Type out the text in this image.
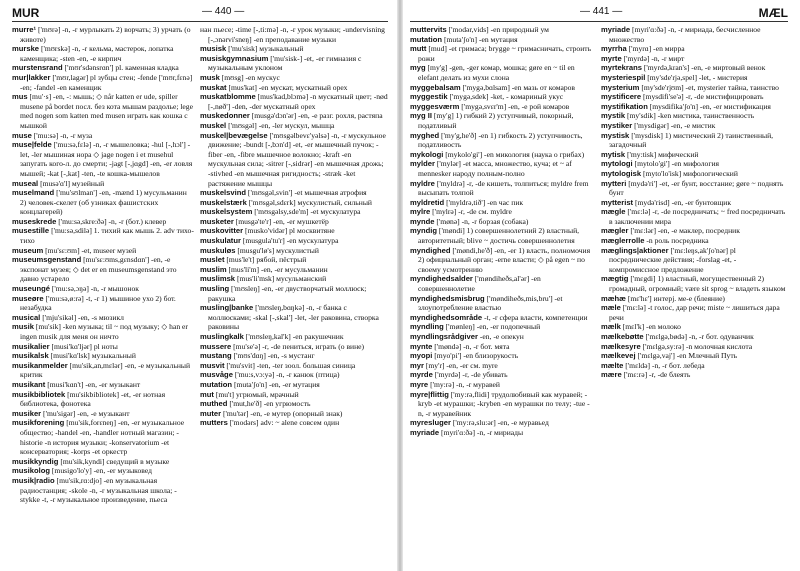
MUR	— 440 —	— 441 —	MÆL

murre¹ ['mʊrə] -n, -r мурлыкать 2) ворчать; 3) урчать (о животе)

murske ['mʊrskə] -n, -r кельма, мастерок, лопатка каменщика; -sten -en, -e кирпич

murstensrand ['mʊr'sdənsrɑn'] pl. каменная кладка

mur|lakker ['mʊr,lagər] pl зубцы стен; -fende ['mʊr,fɛnə] -en; -fandel -en каменщик

mus [mu'·s] -en, -: мышь; ◇ når katten er ude, spiller musene på bordet посл. без кота мышам раздолье; lege med nogen som katten med musen играть как кошка с мышкой

muse ['mu:sə] -n, -r муза

muse|felde ['mu:sə,fɛlə] -n, -r мышеловка; -hul [-,hɔl'] -let, -ler мышиная нора ◇ jage nogen i et musehul запугать кого-л. до смерти; -jagt [-,jɑgd] -en, -er ловля мышей; -kat [-,kat] -ten, -te кошка-мышелов

museal [musə'ɑ'l] музейный

muselmand ['mu'sʊlman'] -en, -mænd 1) мусульманин 2) человек-скелет (об узниках фашистских концлагерей)

museskrede ['mu:sə,skre:ðə] -n, -r (бот.) клевер

musestille ['mu:sə,sdilə] 1. тихий как мышь 2. adv тихо-тихо

museum [mu'sɛ:ʊm] -et, museer музей

museumsgenstand [mu'sɛ:ʊms,gɛnsdɑn'] -en, -e экспонат музея; ◇ det er en museumsgenstand это давно устарело

museungé ['mu:sə,ɔŋə] -n, -r мышонок

museøre ['mu:sə,ø:rə] -t, -r 1) мышиное ухо 2) бот. незабудка

musical ['mju'sikəl] -en, -s мюзикл

musik [mu'sik] -ken музыка; til ~ под музыку; ◇ han er ingen musik для меня он ничто

musikalier [musi'kɑ'ljər] pl ноты

musikalsk [musi'kɑ'lsk] музыкальный

musikanmelder [mu'sik,an,mɛlər] -en, -e музыкальный критик

musikant [musi'kɑn't] -en, -er музыкант

musikbibliotek [mu'sikbibliotek] -et, -er нотная библиотека, фонотека

musiker ['mu'sigər] -en, -e музыкант

musikforening [mu'sik,forɛneŋ] -en, -er музыкальное общество; -handel -en, -handler нотный магазин; -historie -n история музыки; -konservatorium -et консерватория; -korps -et оркестр

musikkyndig [mu'sik,kyndi] сведущий в музыке

musikolog [musigo'lo'y] -en, -er музыковед

musik|radio [mu'sik,rɑ:djo] -en музыкальная радиостанция; -skole -n, -r музыкальная школа; -stykke -t, -r музыкальное произведение, пьеса

нан пьесе; -time [-,ti:mə] -n, -r урок музыки; -undervisning [-,ɔnərvi'sneŋ] -en преподавание музыки

musisk ['mu'sisk] музыкальный

musiskgymnasium ['mu'sisk-] -et, -er гимназия с музыкальным уклоном

musk [mʊsg] -en мускус

muskat [mus'kat] -en мускат, мускатный орех

muskatblomme [mus'kad,blɔmə] -n мускатный цвет; -nød [-,nøð'] -den, -der мускатный орех

muskedonner [musgə'dɔn'ər] -en, -e разг. рохля, растяпа

muskel ['mʊsgəl] -en, -ler мускул, мышца

muskel|bevægelse ['mʊsgəlbevɛ'yəlsə] -n, -r мускульное движение; -bundt [-,bɔn'd] -et, -er мышечный пучок; -fiber -en, -fibre мышечное волокно; -kraft -en мускульная сила; -sitrer [-,sidrər] -en мышечная дрожь; -stivhed -en мышечная ригидность; -stræk -ket растяжение мышцы

muskelsvind ['mʊsgəl,svin'] -et мышечная атрофия

muskelstærk ['mʊsgəl,sdɛrk] мускулистый, сильный

muskelsystem ['mʊsgəlsy,sde'm] -et мускулатура

musketer [musgə'te'r] -en, -er мушкетёр

muskovitter [musko'vidər] pl москвитяне

muskulatur [musgula'tu'r] -en мускулатура

muskuløs [musgu'lø's] мускулистый

muslet [mus'le't] рябой, пёстрый

muslim [mus'li'm] -en, -er мусульманин

muslimsk [mus'li'msk] мусульманский

musling ['mʊsleŋ] -en, -er двустворчатый моллюск; ракушка

musling|banke ['mʊsleŋ,bɑŋkə] -n, -r банка с моллюсками; -skal [-,skal'] -let, -ler раковина, створка раковины

muslingkalk ['mʊsleŋ,kal'k] -en ракушечник

mussere [mu'se'ə] -r, -de пениться, играть (о вине)

mustang ['mʊs'dɑŋ] -en, -s мустанг

musvit ['mu'svit] -ten, -ter зоол. большая синица

musvåge ['mu:s,vɔ:yə] -n, -r канюк (птица)

mutation [muta'ʃo'n] -en, -er мутация

mut [mu't] угрюмый, мрачный

muthed ['mut,he'ð] -en угрюмость

muter ['mu'tər] -en, -e мутер (опорный знак)

mutters ['modərs] adv: ~ alene совсем один

muttervits ['modər,vids] -en природный ум

mutation [muta'ʃo'n] -en мутация

mutt [mud] -et гримаса; brygge ~ гримасничать, строить рожи

myg [my'g] -gen, -ger комар, мошка; gøre en ~ til en elefant делать из мухи слона

myggebalsam ['mygə,bɑlsam] -en мазь от комаров

myggestik ['mygə,sdek] -ket, - комариный укус

myggesværm ['mygə,svɛr'm] -en, -e рой комаров

myg II [my'g] 1) гибкий 2) уступчивый, покорный, податливый

myghed ['my'g,he'ð] -en 1) гибкость 2) уступчивость, податливость

mykologi [mykolo'gi'] -en микология (наука о грибах)

mylder ['mylər] -et масса, множество, куча; et ~ af mennesker народу полным-полно

myldre ['myldrə] -r, -de кишеть, толпиться; myldre frem высыпать толпой

myldretid ['myldrə,tið'] -en час пик

mylre ['mylrə] -r, -de см. myldre

mynde ['mønə] -n, -r борзая (собака)

myndig ['møndi] 1) совершеннолетний 2) властный, авторитетный; blive ~ достичь совершеннолетия

myndighed ['møndi,he'ð] -en, -er 1) власть, полномочия 2) официальный орган; -erne власти; ◇ på egen ~ по своему усмотрению

myndighedsalder ['møndiheðs,al'ər] -en совершеннолетие

myndighedsmisbrug ['møndiheðs,mis,bru'] -et злоупотребление властью

myndighedsområde -t, -r сфера власти, компетенции

myndling ['mønleŋ] -en, -er подопечный

myndlingsrådgiver -en, -e опекун

mynte ['møndə] -n, -r бот. мята

myopi [myo'pi'] -en близорукость

myr [my'r] -en, -er см. myre

myrde ['myrdə] -r, -de убивать

myre ['my:rə] -n, -r муравей

myre|flittig ['my:rə,flidi] трудолюбивый как муравей; -kryb -et мурашки; -kryben -en мурашки по телу; -tue -n, -r муравейник

myresluger ['my:rə,slu:ər] -en, -e муравьед

myriade [myri'ɑ:ðə] -n, -r мириады

myriade [myri'ɑ:ðə] -n, -r мириада, бесчисленное множество

myrrha ['myrɑ] -en мирра

myrte ['myrdə] -n, -r мирт

myrtekrans ['myrdə,kran's] -en, -e миртовый венок

mysteriespil [my'sde'rjə,spel] -let, - мистерия

mysterium [my'sde'rjʊm] -et, mysterier тайна, таинство

mystificere [mysdifi'se'ə] -r, -de мистифицировать

mystifikation [mysdifika'ʃo'n] -en, -er мистификация

mystik [my'sdik] -ken мистика, таинственность

mystiker ['mysdigər] -en, -e мистик

mystisk ['mysdisk] 1) мистический 2) таинственный, загадочный

mytisk ['my:tisk] мифический

mytologi [mytolo'gi'] -en мифология

mytologisk [myto'lo'isk] мифологический

mytteri [mydə'ri'] -et, -er бунт, восстание; gøre ~ поднять бунт

mytterist [mydə'risd] -en, -er бунтовщик

mægle ['mɛ:lə] -r, -de посредничать; ~ fred посредничать в заключении мира

mægler ['mɛ:lər] -en, -e маклер, посредник

mæglerrolle -n роль посредника

mæglings|aktioner ['mɛ:leŋs,ak'ʃo'nər] pl посреднические действия; -forslag -et, - компромиссное предложение

mægtig ['mɛgdi] 1) властный, могущественный 2) громадный, огромный; være sit sprog ~ владеть языком

mæhæ [mɛ'hɛ'] интерj. ме-е (блеяние)

mæle ['mɛ:lə] -t голос, дар речи; miste ~ лишиться дара речи

mælk [mɛl'k] -en молоко

mælkebøtte ['mɛlgə,bødə] -n, -r бот. одуванчик

mælkesyre ['mɛlgə,sy:rə] -n молочная кислота

mælkevej ['mɛlgə,vaj'] -en Млечный Путь

mælte ['mɛldə] -n, -r бот. лебеда

mære ['mɛ:rə] -r, -de блеять
